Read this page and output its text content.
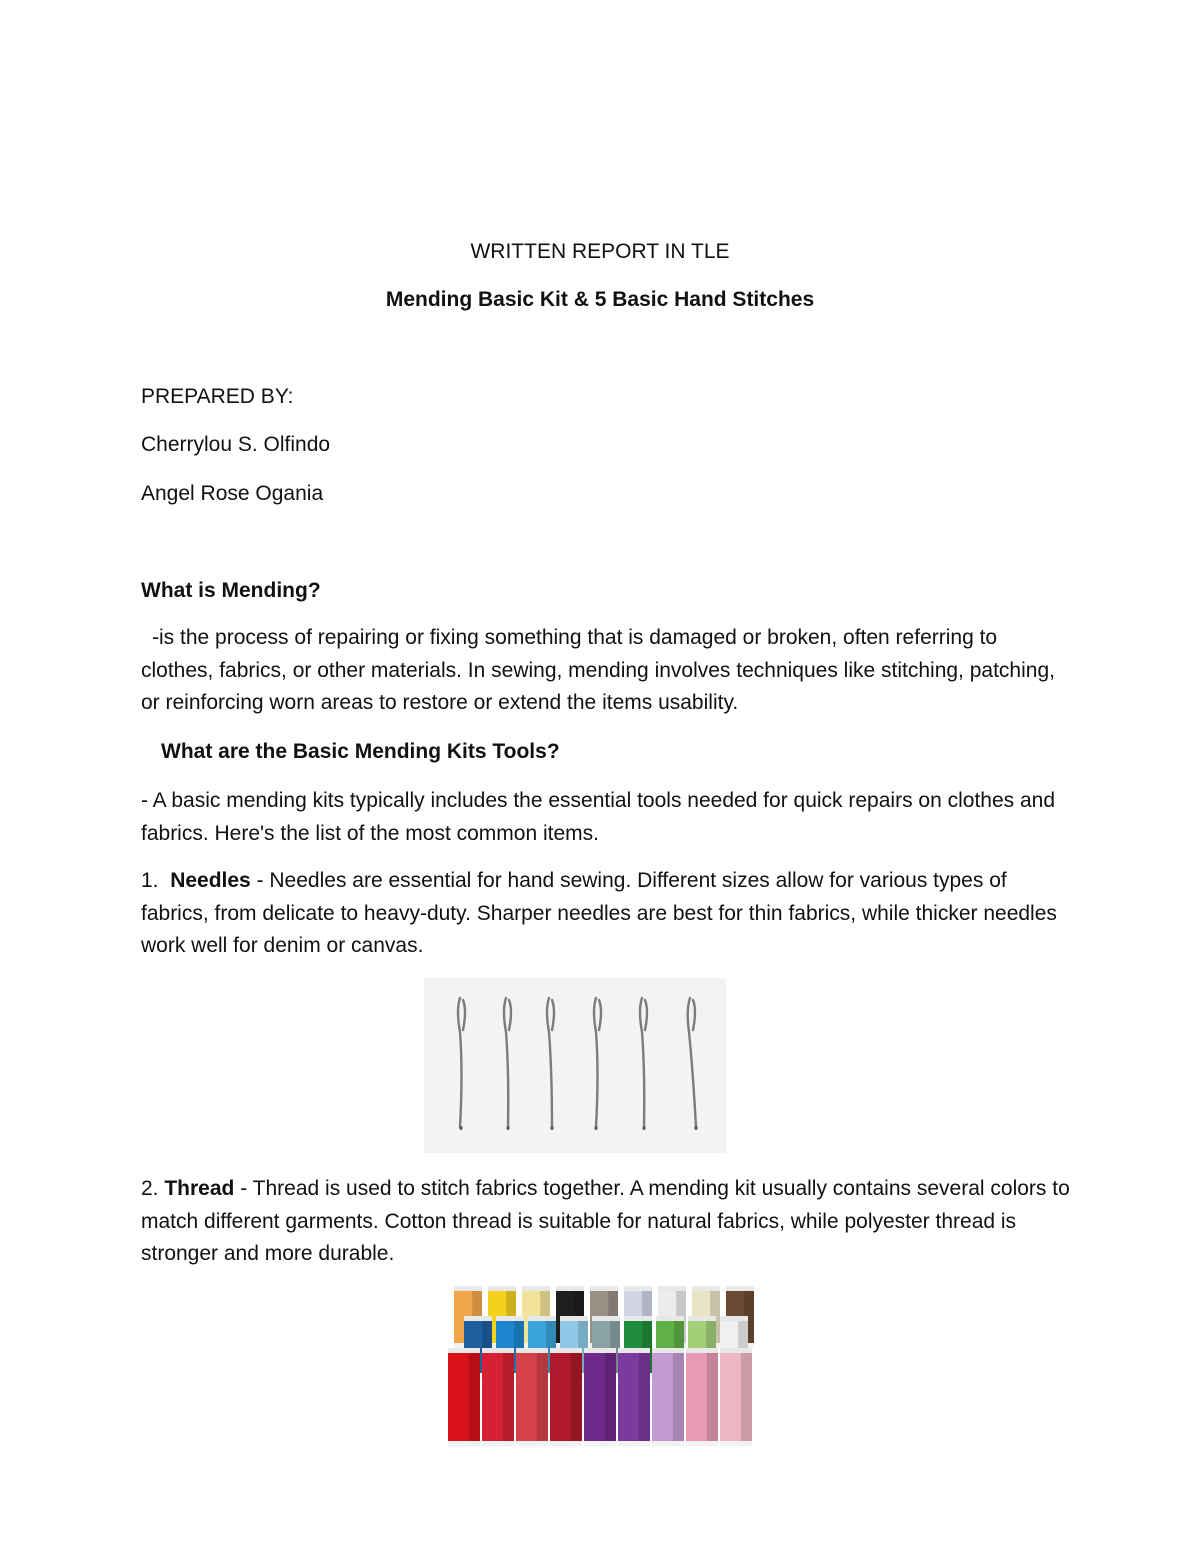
WRITTEN REPORT IN TLE

Mending Basic Kit & 5 Basic Hand Stitches

PREPARED BY:

Cherrylou S. Olfindo

Angel Rose Ogania

What is Mending?

-is the process of repairing or fixing something that is damaged or broken, often referring to clothes, fabrics, or other materials. In sewing, mending involves techniques like stitching, patching, or reinforcing worn areas to restore or extend the items usability.

What are the Basic Mending Kits Tools?

- A basic mending kits typically includes the essential tools needed for quick repairs on clothes and fabrics. Here's the list of the most common items.

1. Needles - Needles are essential for hand sewing. Different sizes allow for various types of fabrics, from delicate to heavy-duty. Sharper needles are best for thin fabrics, while thicker needles work well for denim or canvas.

2. Thread - Thread is used to stitch fabrics together. A mending kit usually contains several colors to match different garments. Cotton thread is suitable for natural fabrics, while polyester thread is stronger and more durable.
